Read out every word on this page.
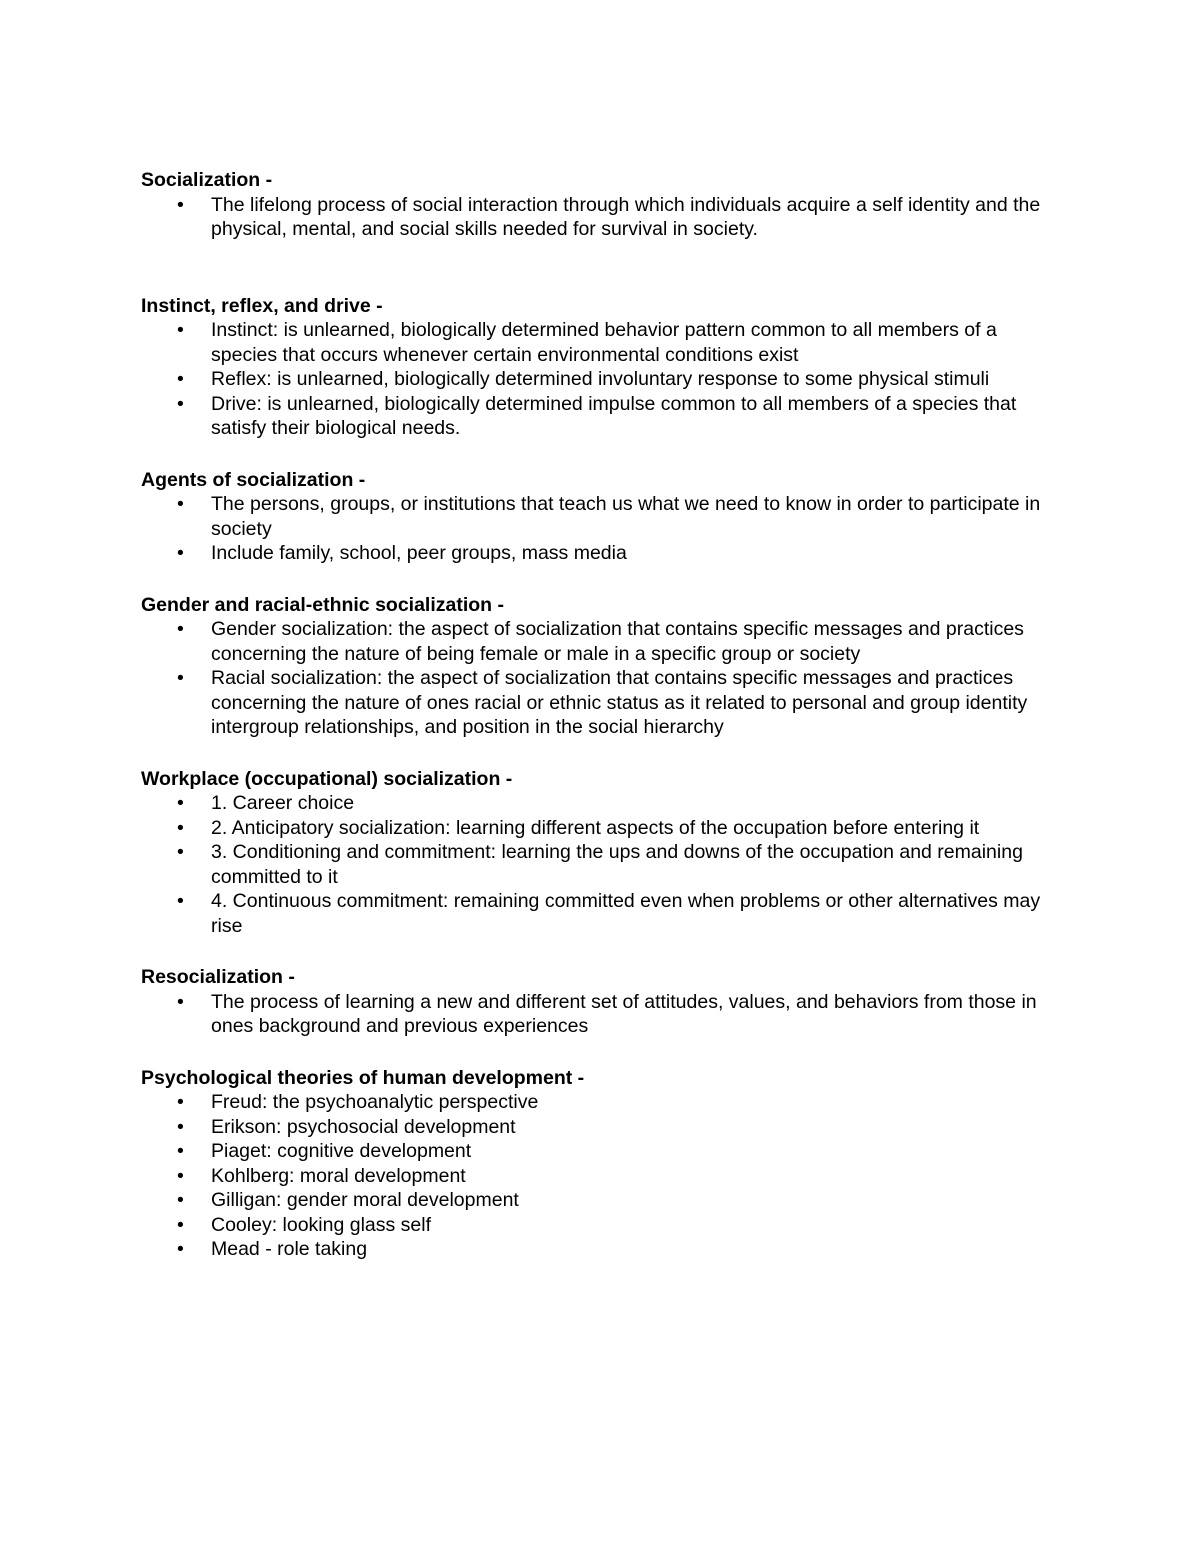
Socialization -
• The lifelong process of social interaction through which individuals acquire a self identity and the physical, mental, and social skills needed for survival in society.
Instinct, reflex, and drive -
• Instinct: is unlearned, biologically determined behavior pattern common to all members of a species that occurs whenever certain environmental conditions exist
• Reflex: is unlearned, biologically determined involuntary response to some physical stimuli
• Drive: is unlearned, biologically determined impulse common to all members of a species that satisfy their biological needs.
Agents of socialization -
• The persons, groups, or institutions that teach us what we need to know in order to participate in society
• Include family, school, peer groups, mass media
Gender and racial-ethnic socialization -
• Gender socialization: the aspect of socialization that contains specific messages and practices concerning the nature of being female or male in a specific group or society
• Racial socialization: the aspect of socialization that contains specific messages and practices concerning the nature of ones racial or ethnic status as it related to personal and group identity intergroup relationships, and position in the social hierarchy
Workplace (occupational) socialization -
• 1. Career choice
• 2. Anticipatory socialization: learning different aspects of the occupation before entering it
• 3. Conditioning and commitment: learning the ups and downs of the occupation and remaining committed to it
• 4. Continuous commitment: remaining committed even when problems or other alternatives may rise
Resocialization -
• The process of learning a new and different set of attitudes, values, and behaviors from those in ones background and previous experiences
Psychological theories of human development -
• Freud: the psychoanalytic perspective
• Erikson: psychosocial development
• Piaget: cognitive development
• Kohlberg: moral development
• Gilligan: gender moral development
• Cooley: looking glass self
• Mead - role taking
